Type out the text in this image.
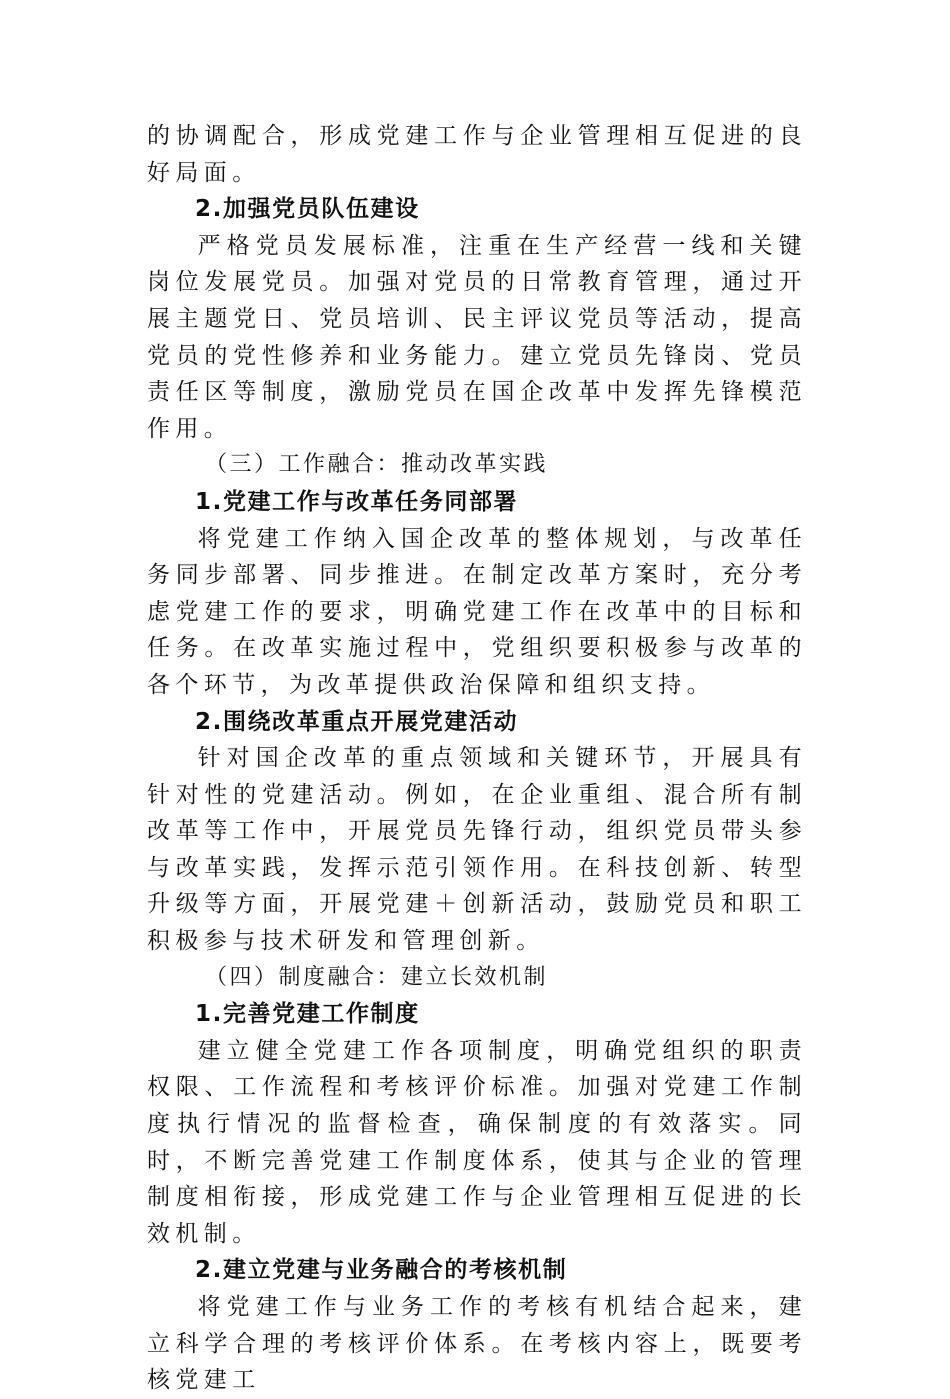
的协调配合，形成党建工作与企业管理相互促进的良好局面。

2.加强党员队伍建设

严格党员发展标准，注重在生产经营一线和关键岗位发展党员。加强对党员的日常教育管理，通过开展主题党日、党员培训、民主评议党员等活动，提高党员的党性修养和业务能力。建立党员先锋岗、党员责任区等制度，激励党员在国企改革中发挥先锋模范作用。

（三）工作融合：推动改革实践

1.党建工作与改革任务同部署

将党建工作纳入国企改革的整体规划，与改革任务同步部署、同步推进。在制定改革方案时，充分考虑党建工作的要求，明确党建工作在改革中的目标和任务。在改革实施过程中，党组织要积极参与改革的各个环节，为改革提供政治保障和组织支持。

2.围绕改革重点开展党建活动

针对国企改革的重点领域和关键环节，开展具有针对性的党建活动。例如，在企业重组、混合所有制改革等工作中，开展党员先锋行动，组织党员带头参与改革实践，发挥示范引领作用。在科技创新、转型升级等方面，开展党建＋创新活动，鼓励党员和职工积极参与技术研发和管理创新。

（四）制度融合：建立长效机制

1.完善党建工作制度

建立健全党建工作各项制度，明确党组织的职责权限、工作流程和考核评价标准。加强对党建工作制度执行情况的监督检查，确保制度的有效落实。同时，不断完善党建工作制度体系，使其与企业的管理制度相衔接，形成党建工作与企业管理相互促进的长效机制。

2.建立党建与业务融合的考核机制

将党建工作与业务工作的考核有机结合起来，建立科学合理的考核评价体系。在考核内容上，既要考核党建工
